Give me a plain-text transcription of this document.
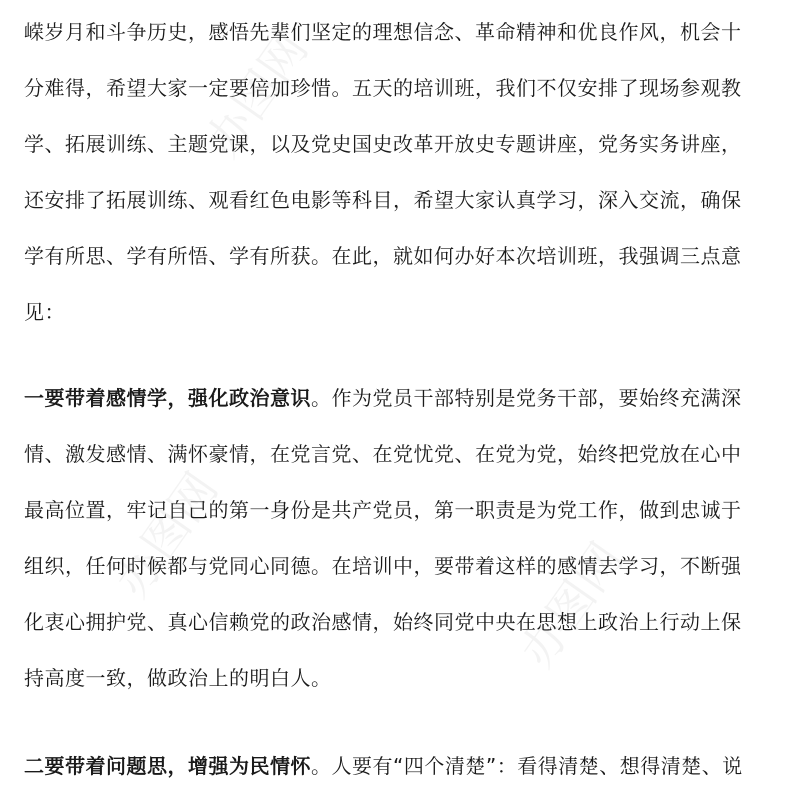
办图网
办图网	办图网
嵘岁月和斗争历史，感悟先辈们坚定的理想信念、革命精神和优良作风，机会十
分难得，希望大家一定要倍加珍惜。五天的培训班，我们不仅安排了现场参观教
学、拓展训练、主题党课，以及党史国史改革开放史专题讲座，党务实务讲座，
还安排了拓展训练、观看红色电影等科目，希望大家认真学习，深入交流，确保
学有所思、学有所悟、学有所获。在此，就如何办好本次培训班，我强调三点意
见：
一要带着感情学，强化政治意识。作为党员干部特别是党务干部，要始终充满深
情、激发感情、满怀豪情，在党言党、在党忧党、在党为党，始终把党放在心中
最高位置，牢记自己的第一身份是共产党员，第一职责是为党工作，做到忠诚于
组织，任何时候都与党同心同德。在培训中，要带着这样的感情去学习，不断强
化衷心拥护党、真心信赖党的政治感情，始终同党中央在思想上政治上行动上保
持高度一致，做政治上的明白人。
二要带着问题思，增强为民情怀。人要有“四个清楚”：看得清楚、想得清楚、说
